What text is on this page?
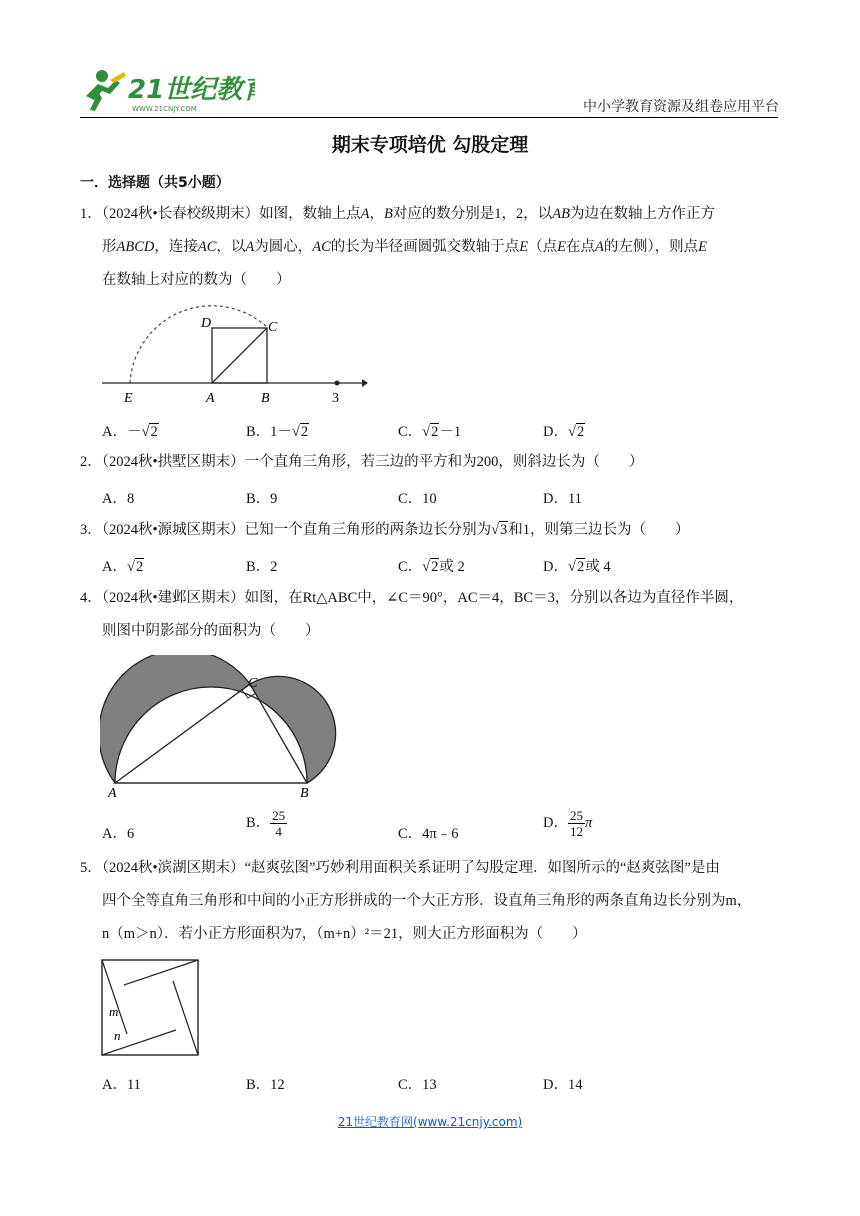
21世纪教育
WWW.21CNJY.COM	中小学教育资源及组卷应用平台
期末专项培优 勾股定理
一．选择题（共5小题）
1．（2024秋•长春校级期末）如图，数轴上点A，B对应的数分别是1，2，以AB为边在数轴上方作正方
形ABCD，连接AC，以A为圆心，AC的长为半径画圆弧交数轴于点E（点E在点A的左侧），则点E
在数轴上对应的数为（　　）
E	A	B	3
D	C
A．－√2	B．1－√2	C．√2－1	D．√2
2．（2024秋•拱墅区期末）一个直角三角形，若三边的平方和为200，则斜边长为（　　）
A．8	B．9	C．10	D．11
3．（2024秋•源城区期末）已知一个直角三角形的两条边长分别为√3和1，则第三边长为（　　）
A．√2	B．2	C．√2或 2	D．√2或 4
4．（2024秋•建邺区期末）如图，在Rt△ABC中，∠C＝90°，AC＝4，BC＝3，分别以各边为直径作半圆，
则图中阴影部分的面积为（　　）
A	B
C
A．6
B． $\frac{25}{4}$	C．4π﹣6
D． $\frac{25}{12}$ π
5．（2024秋•滨湖区期末）“赵爽弦图”巧妙利用面积关系证明了勾股定理．如图所示的“赵爽弦图”是由
四个全等直角三角形和中间的小正方形拼成的一个大正方形．设直角三角形的两条直角边长分别为m，
n（m＞n）．若小正方形面积为7，（m+n）²＝21，则大正方形面积为（　　）
m
n
A．11	B．12	C．13	D．14
21世纪教育网(www.21cnjy.com)
